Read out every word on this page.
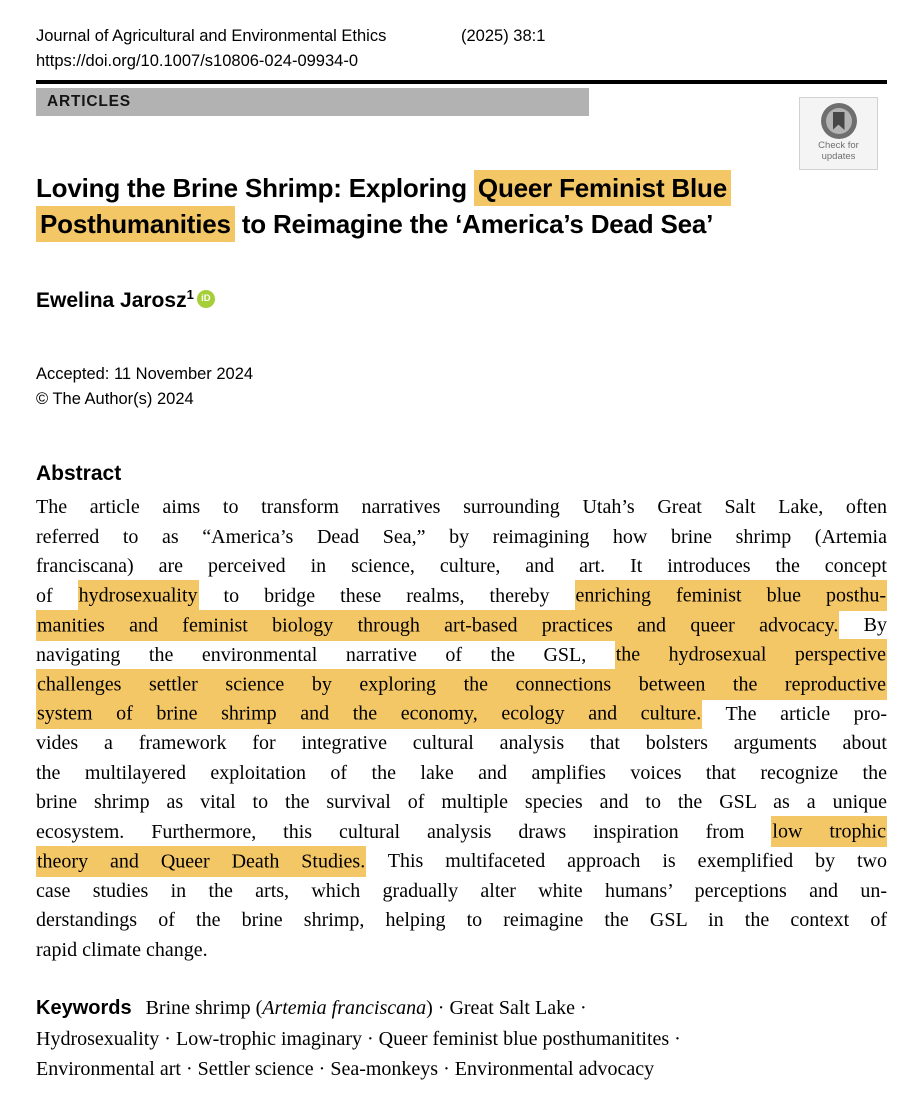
Journal of Agricultural and Environmental Ethics
https://doi.org/10.1007/s10806-024-09934-0
(2025) 38:1
ARTICLES
Loving the Brine Shrimp: Exploring Queer Feminist Blue
Posthumanities to Reimagine the ‘America’s Dead Sea’
Ewelina Jarosz$^1$ iD
Accepted: 11 November 2024
© The Author(s) 2024
Abstract
The article aims to transform narratives surrounding Utah’s Great Salt Lake, often
referred to as “America’s Dead Sea,” by reimagining how brine shrimp (Artemia
franciscana) are perceived in science, culture, and art. It introduces the concept
of hydrosexuality to bridge these realms, thereby enriching feminist blue posthu-
manities and feminist biology through art-based practices and queer advocacy. By
navigating the environmental narrative of the GSL, the hydrosexual perspective
challenges settler science by exploring the connections between the reproductive
system of brine shrimp and the economy, ecology and culture. The article pro-
vides a framework for integrative cultural analysis that bolsters arguments about
the multilayered exploitation of the lake and amplifies voices that recognize the
brine shrimp as vital to the survival of multiple species and to the GSL as a unique
ecosystem. Furthermore, this cultural analysis draws inspiration from low trophic
theory and Queer Death Studies. This multifaceted approach is exemplified by two
case studies in the arts, which gradually alter white humans’ perceptions and un-
derstandings of the brine shrimp, helping to reimagine the GSL in the context of
rapid climate change.
Keywords Brine shrimp (Artemia franciscana) · Great Salt Lake ·
Hydrosexuality · Low-trophic imaginary · Queer feminist blue posthumanitites ·
Environmental art · Settler science · Sea-monkeys · Environmental advocacy
Check for
updates
